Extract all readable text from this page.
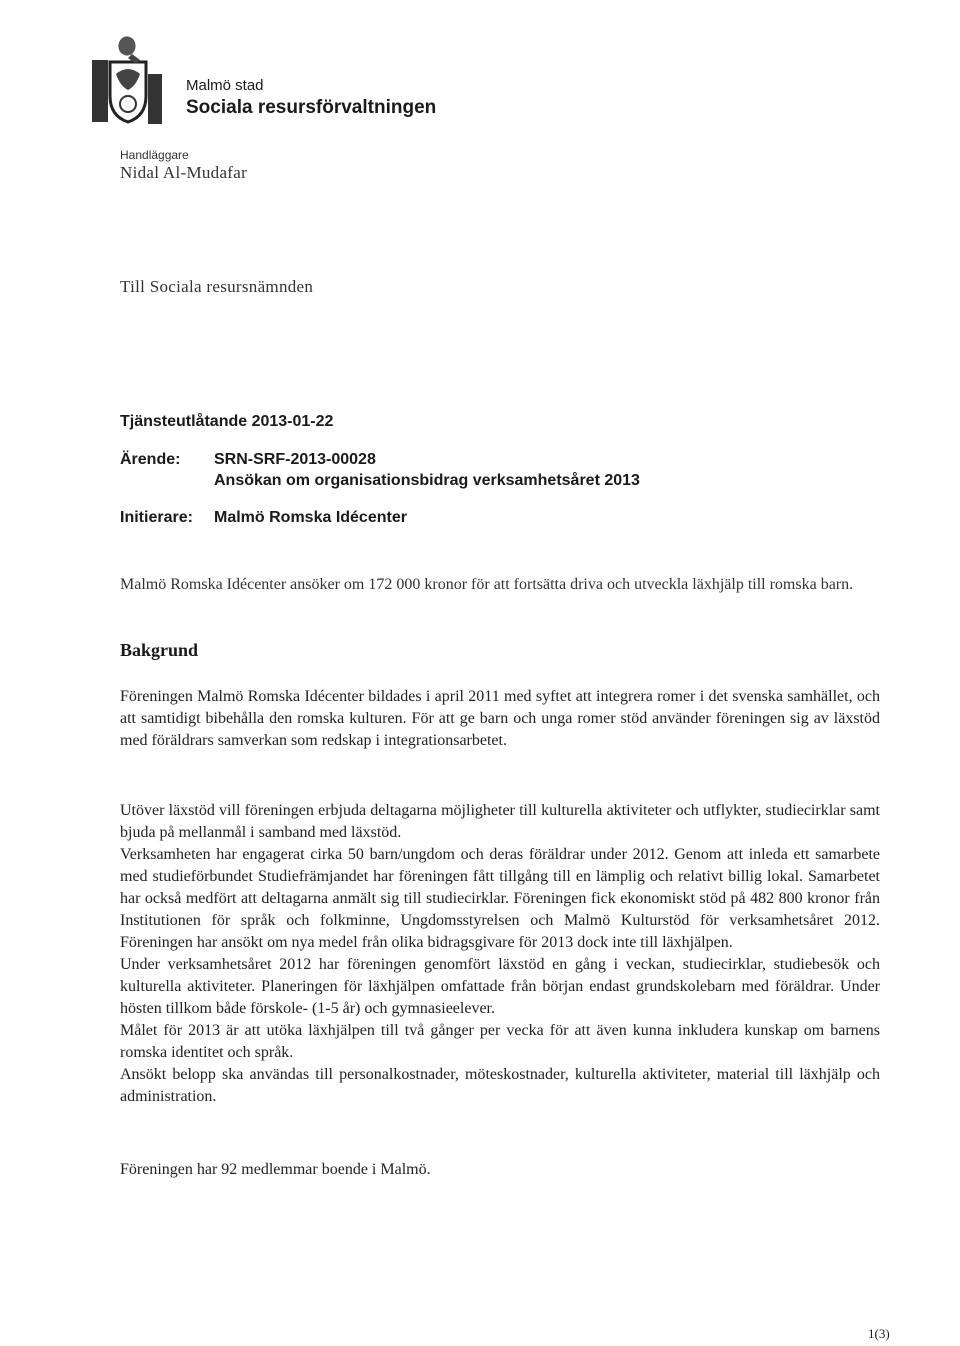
Malmö stad
Sociala resursförvaltningen
Handläggare
Nidal Al-Mudafar
Till Sociala resursnämnden
Tjänsteutlåtande 2013-01-22
Ärende: SRN-SRF-2013-00028
Ansökan om organisationsbidrag verksamhetsåret 2013
Initierare: Malmö Romska Idécenter
Malmö Romska Idécenter ansöker om 172 000 kronor för att fortsätta driva och utveckla läxhjälp till romska barn.
Bakgrund

Föreningen Malmö Romska Idécenter bildades i april 2011 med syftet att integrera romer i det svenska samhället, och att samtidigt bibehålla den romska kulturen. För att ge barn och unga romer stöd använder föreningen sig av läxstöd med föräldrars samverkan som redskap i integrationsarbetet.

Utöver läxstöd vill föreningen erbjuda deltagarna möjligheter till kulturella aktiviteter och utflykter, studiecirklar samt bjuda på mellanmål i samband med läxstöd.

Verksamheten har engagerat cirka 50 barn/ungdom och deras föräldrar under 2012. Genom att inleda ett samarbete med studieförbundet Studiefrämjandet har föreningen fått tillgång till en lämplig och relativt billig lokal. Samarbetet har också medfört att deltagarna anmält sig till studiecirklar. Föreningen fick ekonomiskt stöd på 482 800 kronor från Institutionen för språk och folkminne, Ungdomsstyrelsen och Malmö Kulturstöd för verksamhetsåret 2012. Föreningen har ansökt om nya medel från olika bidragsgivare för 2013 dock inte till läxhjälpen.

Under verksamhetsåret 2012 har föreningen genomfört läxstöd en gång i veckan, studiecirklar, studiebesök och kulturella aktiviteter. Planeringen för läxhjälpen omfattade från början endast grundskolebarn med föräldrar. Under hösten tillkom både förskole- (1-5 år) och gymnasieelever.

Målet för 2013 är att utöka läxhjälpen till två gånger per vecka för att även kunna inkludera kunskap om barnens romska identitet och språk.

Ansökt belopp ska användas till personalkostnader, möteskostnader, kulturella aktiviteter, material till läxhjälp och administration.

Föreningen har 92 medlemmar boende i Malmö.

1(3)
